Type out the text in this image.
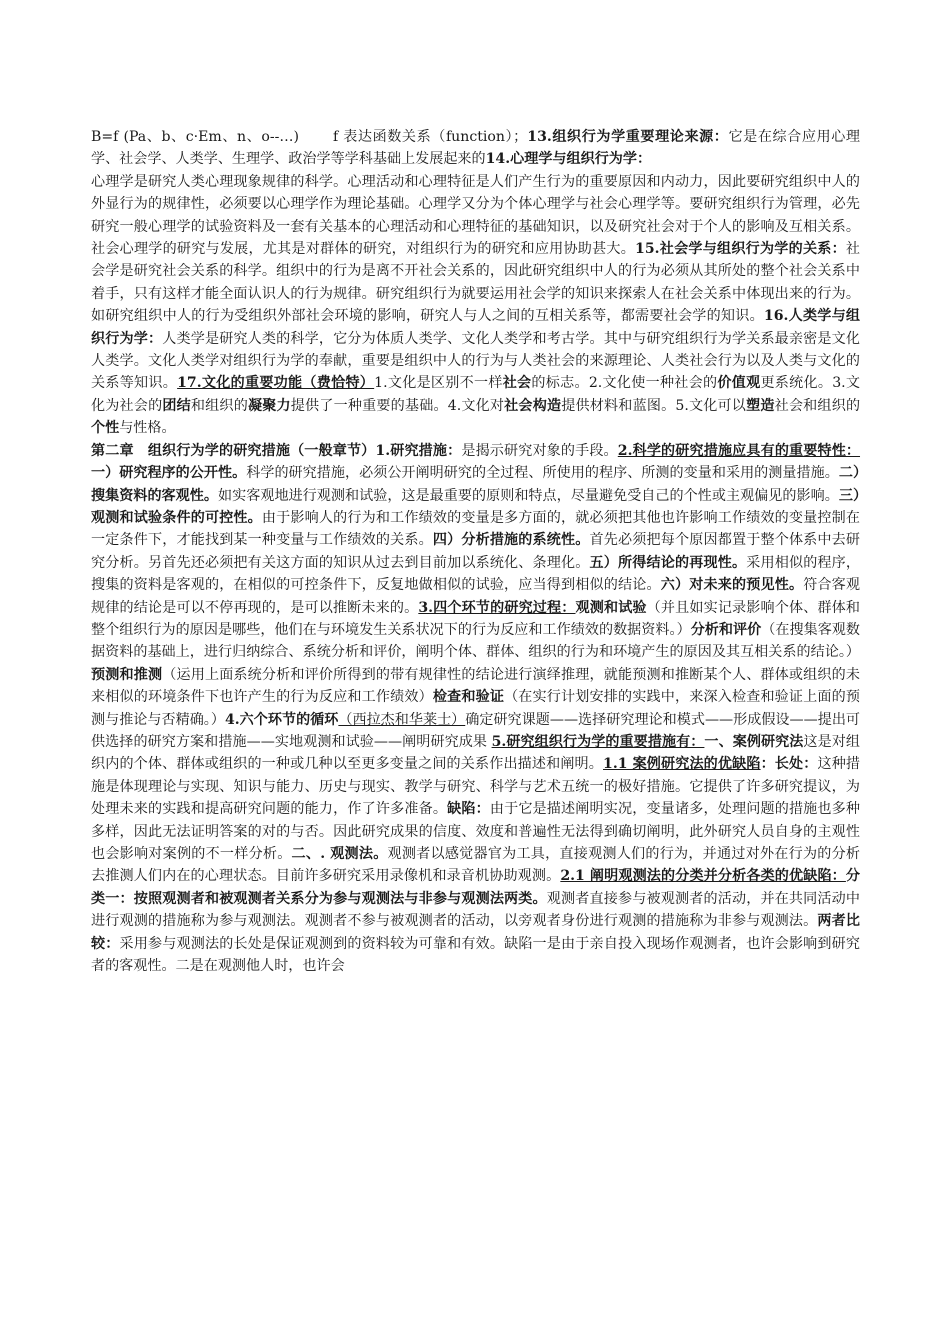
B=f (Pa、b、c·Em、n、o--…) f 表达函数关系（function）；13.组织行为学重要理论来源：它是在综合应用心理学、社会学、人类学、生理学、政治学等学科基础上发展起来的14.心理学与组织行为学：

心理学是研究人类心理现象规律的科学。心理活动和心理特征是人们产生行为的重要原因和内动力，因此要研究组织中人的外显行为的规律性，必须要以心理学作为理论基础。心理学又分为个体心理学与社会心理学等。要研究组织行为管理，必先研究一般心理学的试验资料及一套有关基本的心理活动和心理特征的基础知识，以及研究社会对于个人的影响及互相关系。社会心理学的研究与发展，尤其是对群体的研究，对组织行为的研究和应用协助甚大。15.社会学与组织行为学的关系：社会学是研究社会关系的科学。组织中的行为是离不开社会关系的，因此研究组织中人的行为必须从其所处的整个社会关系中着手，只有这样才能全面认识人的行为规律。研究组织行为就要运用社会学的知识来探索人在社会关系中体现出来的行为。如研究组织中人的行为受组织外部社会环境的影响，研究人与人之间的互相关系等，都需要社会学的知识。16.人类学与组织行为学：人类学是研究人类的科学，它分为体质人类学、文化人类学和考古学。其中与研究组织行为学关系最亲密是文化人类学。文化人类学对组织行为学的奉献，重要是组织中人的行为与人类社会的来源理论、人类社会行为以及人类与文化的关系等知识。17.文化的重要功能（费恰特）1.文化是区别不一样社会的标志。2.文化使一种社会的价值观更系统化。3.文化为社会的团结和组织的凝聚力提供了一种重要的基础。4.文化对社会构造提供材料和蓝图。5.文化可以塑造社会和组织的个性与性格。

第二章　组织行为学的研究措施（一般章节）1.研究措施：是揭示研究对象的手段。2.科学的研究措施应具有的重要特性：一）研究程序的公开性。科学的研究措施，必须公开阐明研究的全过程、所使用的程序、所测的变量和采用的测量措施。二）搜集资料的客观性。如实客观地进行观测和试验，这是最重要的原则和特点，尽量避免受自己的个性或主观偏见的影响。三）观测和试验条件的可控性。由于影响人的行为和工作绩效的变量是多方面的，就必须把其他也许影响工作绩效的变量控制在一定条件下，才能找到某一种变量与工作绩效的关系。四）分析措施的系统性。首先必须把每个原因都置于整个体系中去研究分析。另首先还必须把有关这方面的知识从过去到目前加以系统化、条理化。五）所得结论的再现性。采用相似的程序，搜集的资料是客观的，在相似的可控条件下，反复地做相似的试验，应当得到相似的结论。六）对未来的预见性。符合客观规律的结论是可以不停再现的，是可以推断未来的。3.四个环节的研究过程：观测和试验（并且如实记录影响个体、群体和整个组织行为的原因是哪些，他们在与环境发生关系状况下的行为反应和工作绩效的数据资料。）分析和评价（在搜集客观数据资料的基础上，进行归纳综合、系统分析和评价，阐明个体、群体、组织的行为和环境产生的原因及其互相关系的结论。）预测和推测（运用上面系统分析和评价所得到的带有规律性的结论进行演绎推理，就能预测和推断某个人、群体或组织的未来相似的环境条件下也许产生的行为反应和工作绩效）检查和验证（在实行计划安排的实践中，来深入检查和验证上面的预测与推论与否精确。）4.六个环节的循环（西拉杰和华莱士）确定研究课题——选择研究理论和模式——形成假设——提出可供选择的研究方案和措施——实地观测和试验——阐明研究成果 5.研究组织行为学的重要措施有：一、案例研究法这是对组织内的个体、群体或组织的一种或几种以至更多变量之间的关系作出描述和阐明。1.1 案例研究法的优缺陷：长处：这种措施是体现理论与实现、知识与能力、历史与现实、教学与研究、科学与艺术五统一的极好措施。它提供了许多研究提议，为处理未来的实践和提高研究问题的能力，作了许多准备。缺陷：由于它是描述阐明实况，变量诸多，处理问题的措施也多种多样，因此无法证明答案的对的与否。因此研究成果的信度、效度和普遍性无法得到确切阐明，此外研究人员自身的主观性也会影响对案例的不一样分析。二、. 观测法。观测者以感觉器官为工具，直接观测人们的行为，并通过对外在行为的分析去推测人们内在的心理状态。目前许多研究采用录像机和录音机协助观测。2.1 阐明观测法的分类并分析各类的优缺陷：分类一：按照观测者和被观测者关系分为参与观测法与非参与观测法两类。观测者直接参与被观测者的活动，并在共同活动中进行观测的措施称为参与观测法。观测者不参与被观测者的活动，以旁观者身份进行观测的措施称为非参与观测法。两者比较：采用参与观测法的长处是保证观测到的资料较为可靠和有效。缺陷一是由于亲自投入现场作观测者，也许会影响到研究者的客观性。二是在观测他人时，也许会
